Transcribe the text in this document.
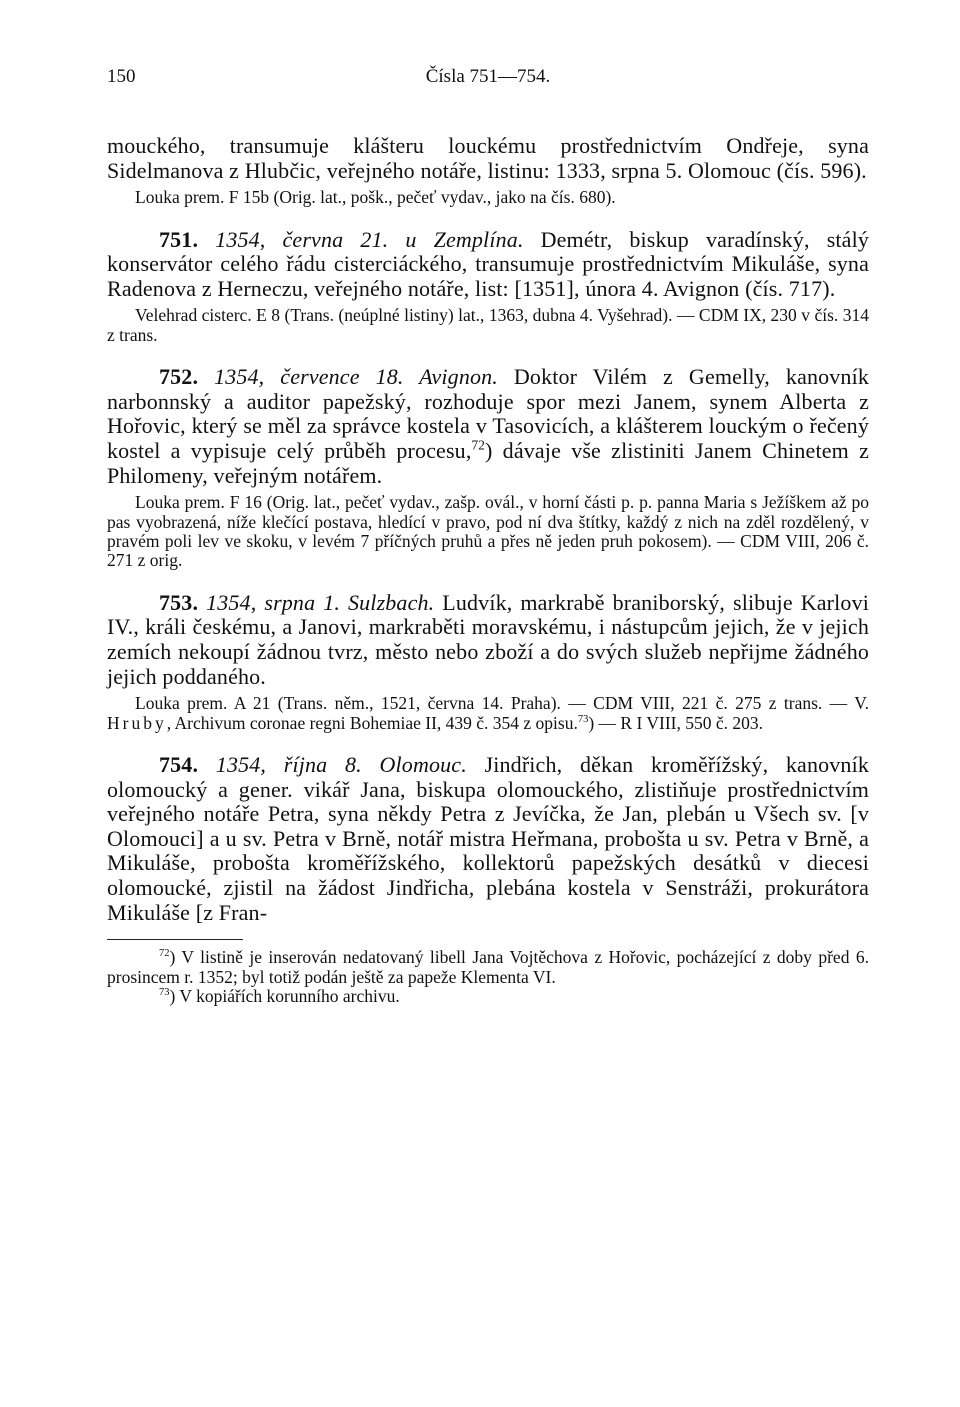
150	Čísla 751—754.

mouckého, transumuje klášteru louckému prostřednictvím Ondřeje, syna Sidelmanova z Hlubčic, veřejného notáře, listinu: 1333, srpna 5. Olomouc (čís. 596).

Louka prem. F 15b (Orig. lat., pošk., pečeť vydav., jako na čís. 680).

751. 1354, června 21. u Zemplína. Demétr, biskup varadínský, stálý konservátor celého řádu cisterciáckého, transumuje prostřednictvím Mikuláše, syna Radenova z Herneczu, veřejného notáře, list: [1351], února 4. Avignon (čís. 717).

Velehrad cisterc. E 8 (Trans. (neúplné listiny) lat., 1363, dubna 4. Vyšehrad). — CDM IX, 230 v čís. 314 z trans.

752. 1354, července 18. Avignon. Doktor Vilém z Gemelly, kanovník narbonnský a auditor papežský, rozhoduje spor mezi Janem, synem Alberta z Hořovic, který se měl za správce kostela v Tasovicích, a klášterem louckým o řečený kostel a vypisuje celý průběh procesu,$^{72}$) dávaje vše zlistiniti Janem Chinetem z Philomeny, veřejným notářem.

Louka prem. F 16 (Orig. lat., pečeť vydav., zašp. ovál., v horní části p. p. panna Maria s Ježíškem až po pas vyobrazená, níže klečící postava, hledící v pravo, pod ní dva štítky, každý z nich na zděl rozdělený, v pravém poli lev ve skoku, v levém 7 příčných pruhů a přes ně jeden pruh pokosem). — CDM VIII, 206 č. 271 z orig.

753. 1354, srpna 1. Sulzbach. Ludvík, markrabě braniborský, slibuje Karlovi IV., králi českému, a Janovi, markraběti moravskému, i nástupcům jejich, že v jejich zemích nekoupí žádnou tvrz, město nebo zboží a do svých služeb nepřijme žádného jejich poddaného.

Louka prem. A 21 (Trans. něm., 1521, června 14. Praha). — CDM VIII, 221 č. 275 z trans. — V. Hruby, Archivum coronae regni Bohemiae II, 439 č. 354 z opisu.$^{73}$) — R I VIII, 550 č. 203.

754. 1354, října 8. Olomouc. Jindřich, děkan kroměřížský, kanovník olomoucký a gener. vikář Jana, biskupa olomouckého, zlistiňuje prostřednictvím veřejného notáře Petra, syna někdy Petra z Jevíčka, že Jan, plebán u Všech sv. [v Olomouci] a u sv. Petra v Brně, notář mistra Heřmana, probošta u sv. Petra v Brně, a Mikuláše, probošta kroměřížského, kollektorů papežských desátků v diecesi olomoucké, zjistil na žádost Jindřicha, plebána kostela v Senstráži, prokurátora Mikuláše [z Fran-

$^{72}$) V listině je inserován nedatovaný libell Jana Vojtěchova z Hořovic, pocházející z doby před 6. prosincem r. 1352; byl totiž podán ještě za papeže Klementa VI.

$^{73}$) V kopiářích korunního archivu.
